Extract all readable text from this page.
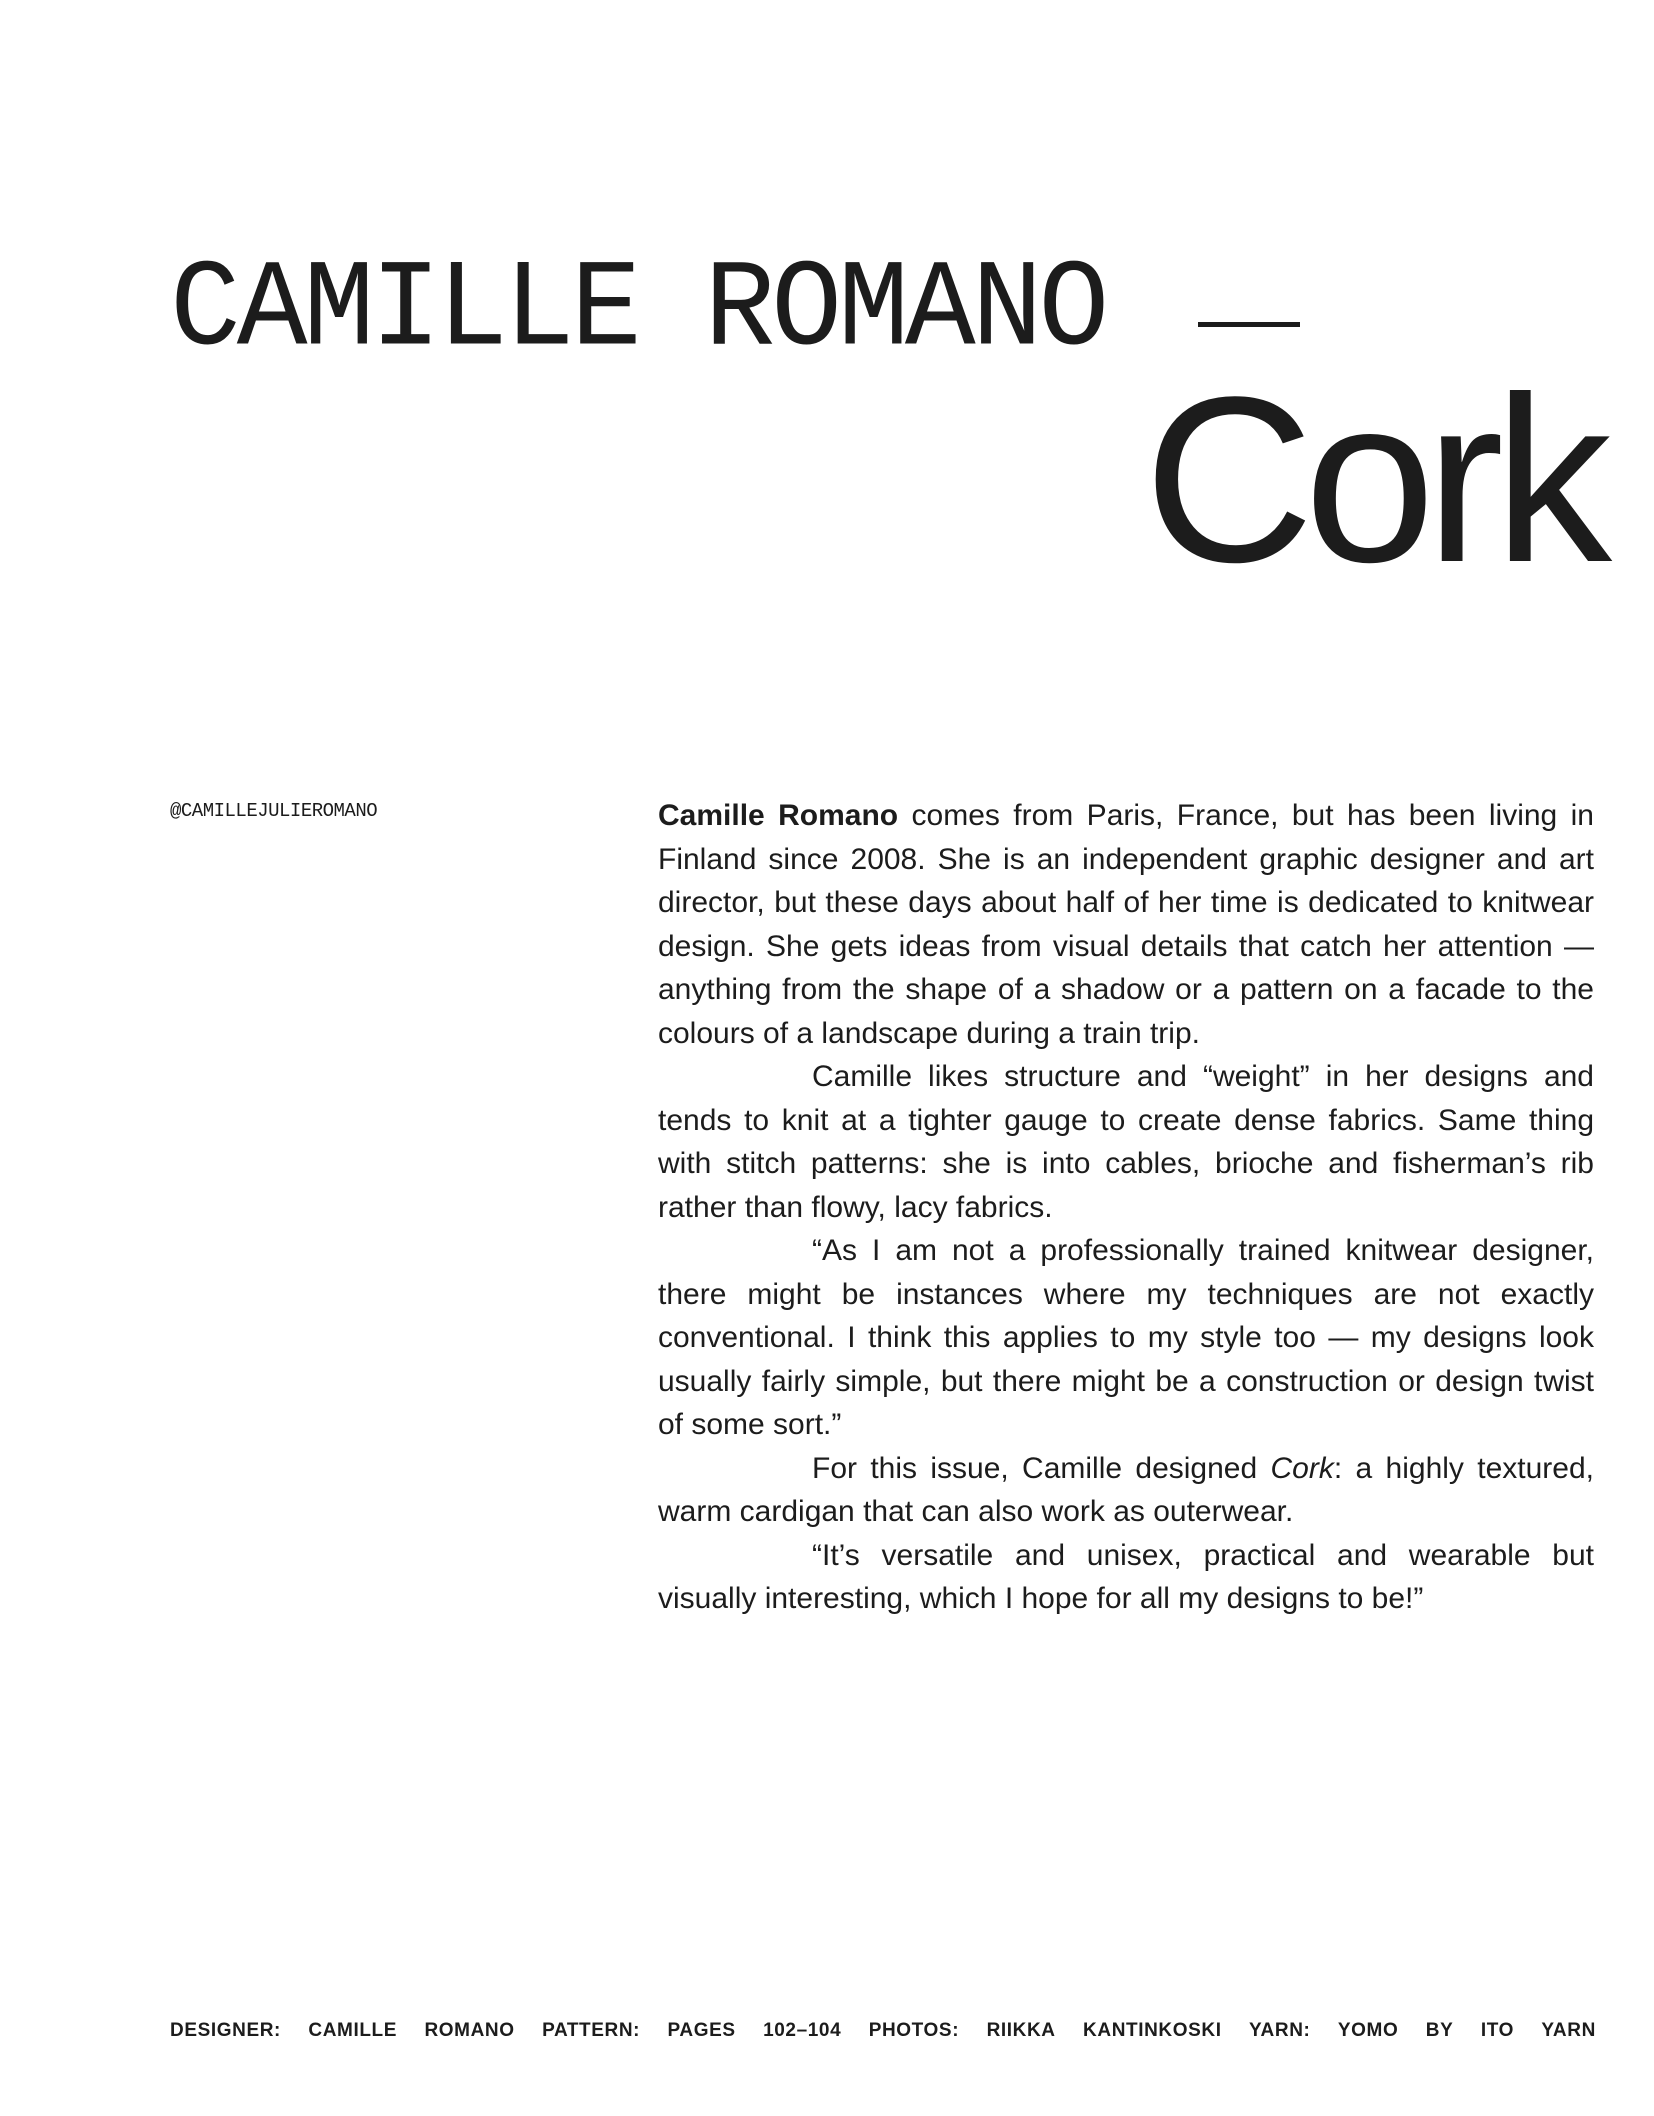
CAMILLE ROMANO
Cork

@CAMILLEJULIEROMANO	Camille Romano comes from Paris, France, but has been living in Finland since 2008. She is an independent graphic designer and art director, but these days about half of her time is dedicated to knitwear design. She gets ideas from visual details that catch her attention — anything from the shape of a shadow or a pattern on a facade to the colours of a landscape during a train trip.

Camille likes structure and “weight” in her designs and tends to knit at a tighter gauge to create dense fabrics. Same thing with stitch patterns: she is into cables, brioche and fisherman’s rib rather than flowy, lacy fabrics.

“As I am not a professionally trained knitwear designer, there might be instances where my techniques are not exactly conventional. I think this applies to my style too — my designs look usually fairly simple, but there might be a construction or design twist of some sort.”

For this issue, Camille designed Cork: a highly textured, warm cardigan that can also work as outerwear.

“It’s versatile and unisex, practical and wearable but visually interesting, which I hope for all my designs to be!”

DESIGNER: CAMILLE ROMANO PATTERN: PAGES 102–104 PHOTOS: RIIKKA KANTINKOSKI YARN: YOMO BY ITO YARN
